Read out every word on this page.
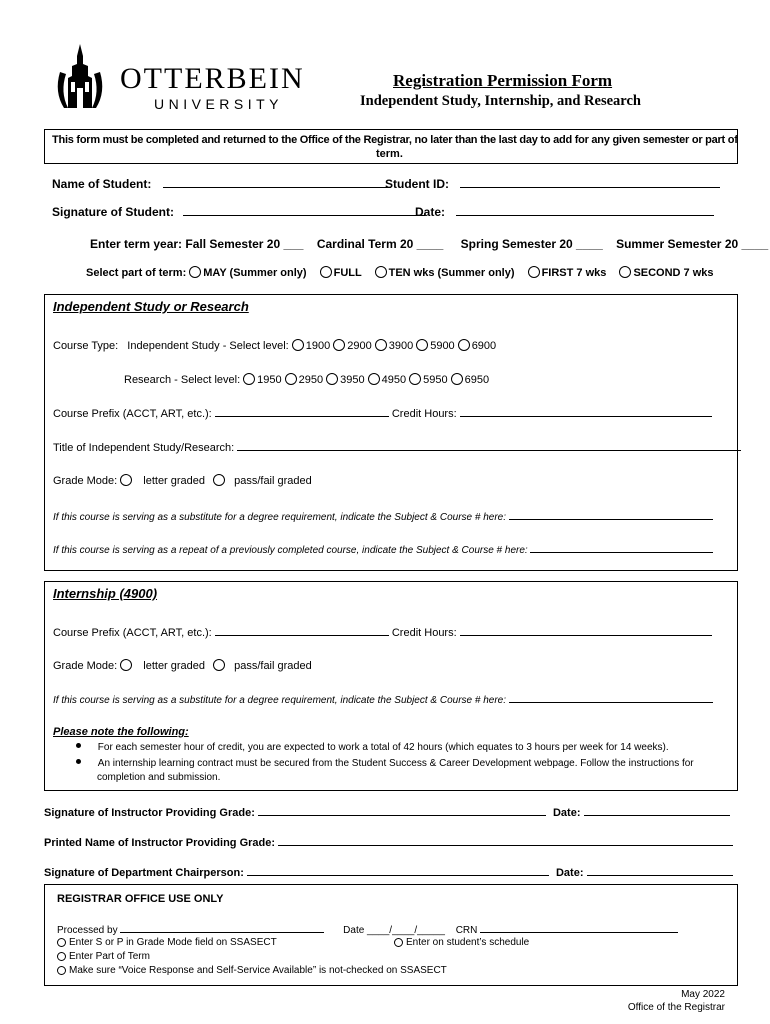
OTTERBEIN
UNIVERSITY
Registration Permission Form
Independent Study, Internship, and Research
This form must be completed and returned to the Office of the Registrar, no later than the last day to add for any given semester or part of
term.
Name of Student:	Student ID:
Signature of Student:	Date:
Enter term year: Fall Semester 20 ___ Cardinal Term 20 ____ Spring Semester 20 ____ Summer Semester 20 ____
Select part of term: MAY (Summer only) FULL TEN wks (Summer only) FIRST 7 wks SECOND 7 wks
Independent Study or Research
Course Type: Independent Study - Select level: 1900 2900 3900 5900 6900
Research - Select level: 1950 2950 3950 4950 5950 6950
Course Prefix (ACCT, ART, etc.):	Credit Hours:
Title of Independent Study/Research:
Grade Mode: letter graded	pass/fail graded
If this course is serving as a substitute for a degree requirement, indicate the Subject & Course # here:
If this course is serving as a repeat of a previously completed course, indicate the Subject & Course # here:
Internship (4900)
Course Prefix (ACCT, ART, etc.):	Credit Hours:
Grade Mode: letter graded	pass/fail graded
If this course is serving as a substitute for a degree requirement, indicate the Subject & Course # here:
Please note the following:
For each semester hour of credit, you are expected to work a total of 42 hours (which equates to 3 hours per week for 14 weeks).
An internship learning contract must be secured from the Student Success & Career Development webpage. Follow the instructions for
completion and submission.
Signature of Instructor Providing Grade:	Date:
Printed Name of Instructor Providing Grade:
Signature of Department Chairperson:	Date:
REGISTRAR OFFICE USE ONLY
Processed by	Date ____/____/_____ CRN
Enter S or P in Grade Mode field on SSASECT	Enter on student’s schedule
Enter Part of Term
Make sure “Voice Response and Self-Service Available” is not-checked on SSASECT
May 2022
Office of the Registrar
